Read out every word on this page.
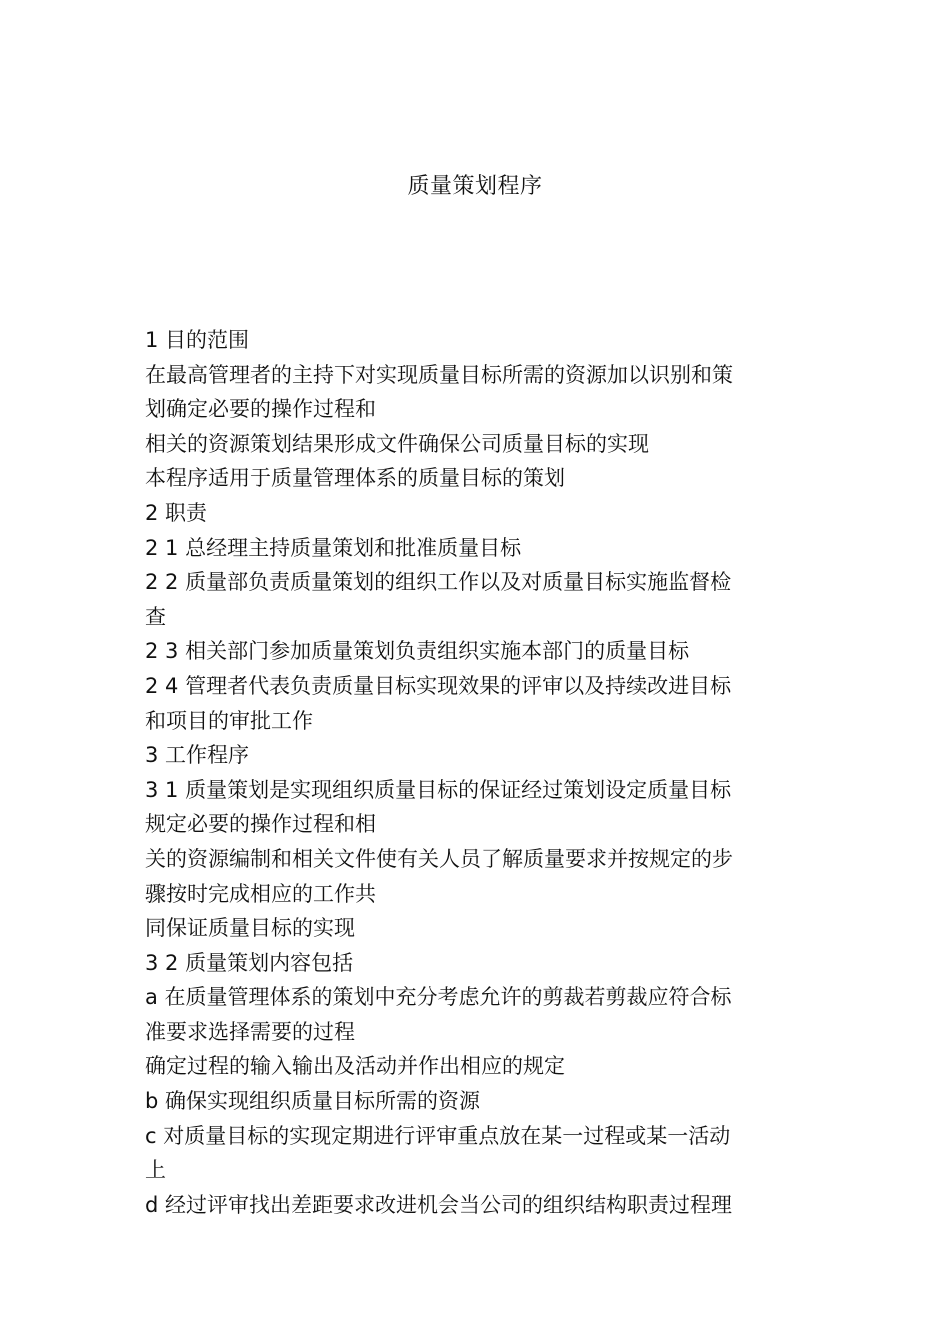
质量策划程序
1 目的范围
在最高管理者的主持下对实现质量目标所需的资源加以识别和策
划确定必要的操作过程和
相关的资源策划结果形成文件确保公司质量目标的实现
本程序适用于质量管理体系的质量目标的策划
2 职责
2 1 总经理主持质量策划和批准质量目标
2 2 质量部负责质量策划的组织工作以及对质量目标实施监督检
查
2 3 相关部门参加质量策划负责组织实施本部门的质量目标
2 4 管理者代表负责质量目标实现效果的评审以及持续改进目标
和项目的审批工作
3 工作程序
3 1 质量策划是实现组织质量目标的保证经过策划设定质量目标
规定必要的操作过程和相
关的资源编制和相关文件使有关人员了解质量要求并按规定的步
骤按时完成相应的工作共
同保证质量目标的实现
3 2 质量策划内容包括
a 在质量管理体系的策划中充分考虑允许的剪裁若剪裁应符合标
准要求选择需要的过程
确定过程的输入输出及活动并作出相应的规定
b 确保实现组织质量目标所需的资源
c 对质量目标的实现定期进行评审重点放在某一过程或某一活动
上
d 经过评审找出差距要求改进机会当公司的组织结构职责过程理
